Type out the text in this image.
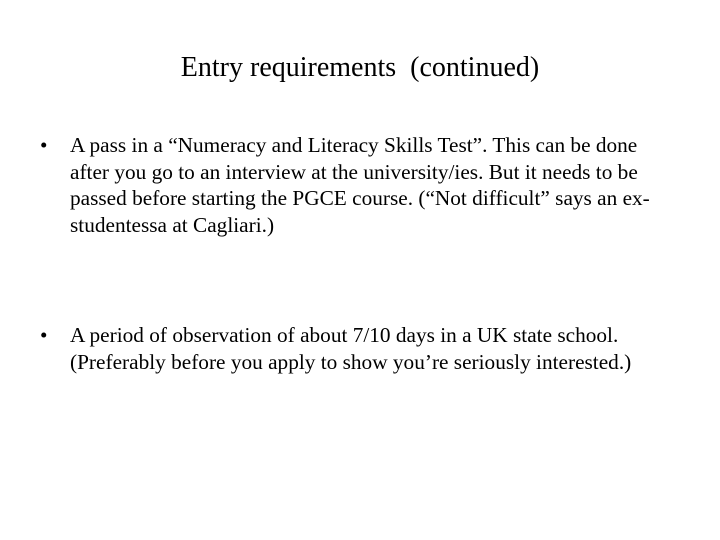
Entry requirements  (continued)
•	A pass in a “Numeracy and Literacy Skills Test”. This can be done after you go to an interview at the university/ies. But it needs to be passed before starting the PGCE course. (“Not difficult” says an ex-studentessa at Cagliari.)
•	A period of observation of about 7/10 days in a UK state school. (Preferably before you apply to show you’re seriously interested.)
